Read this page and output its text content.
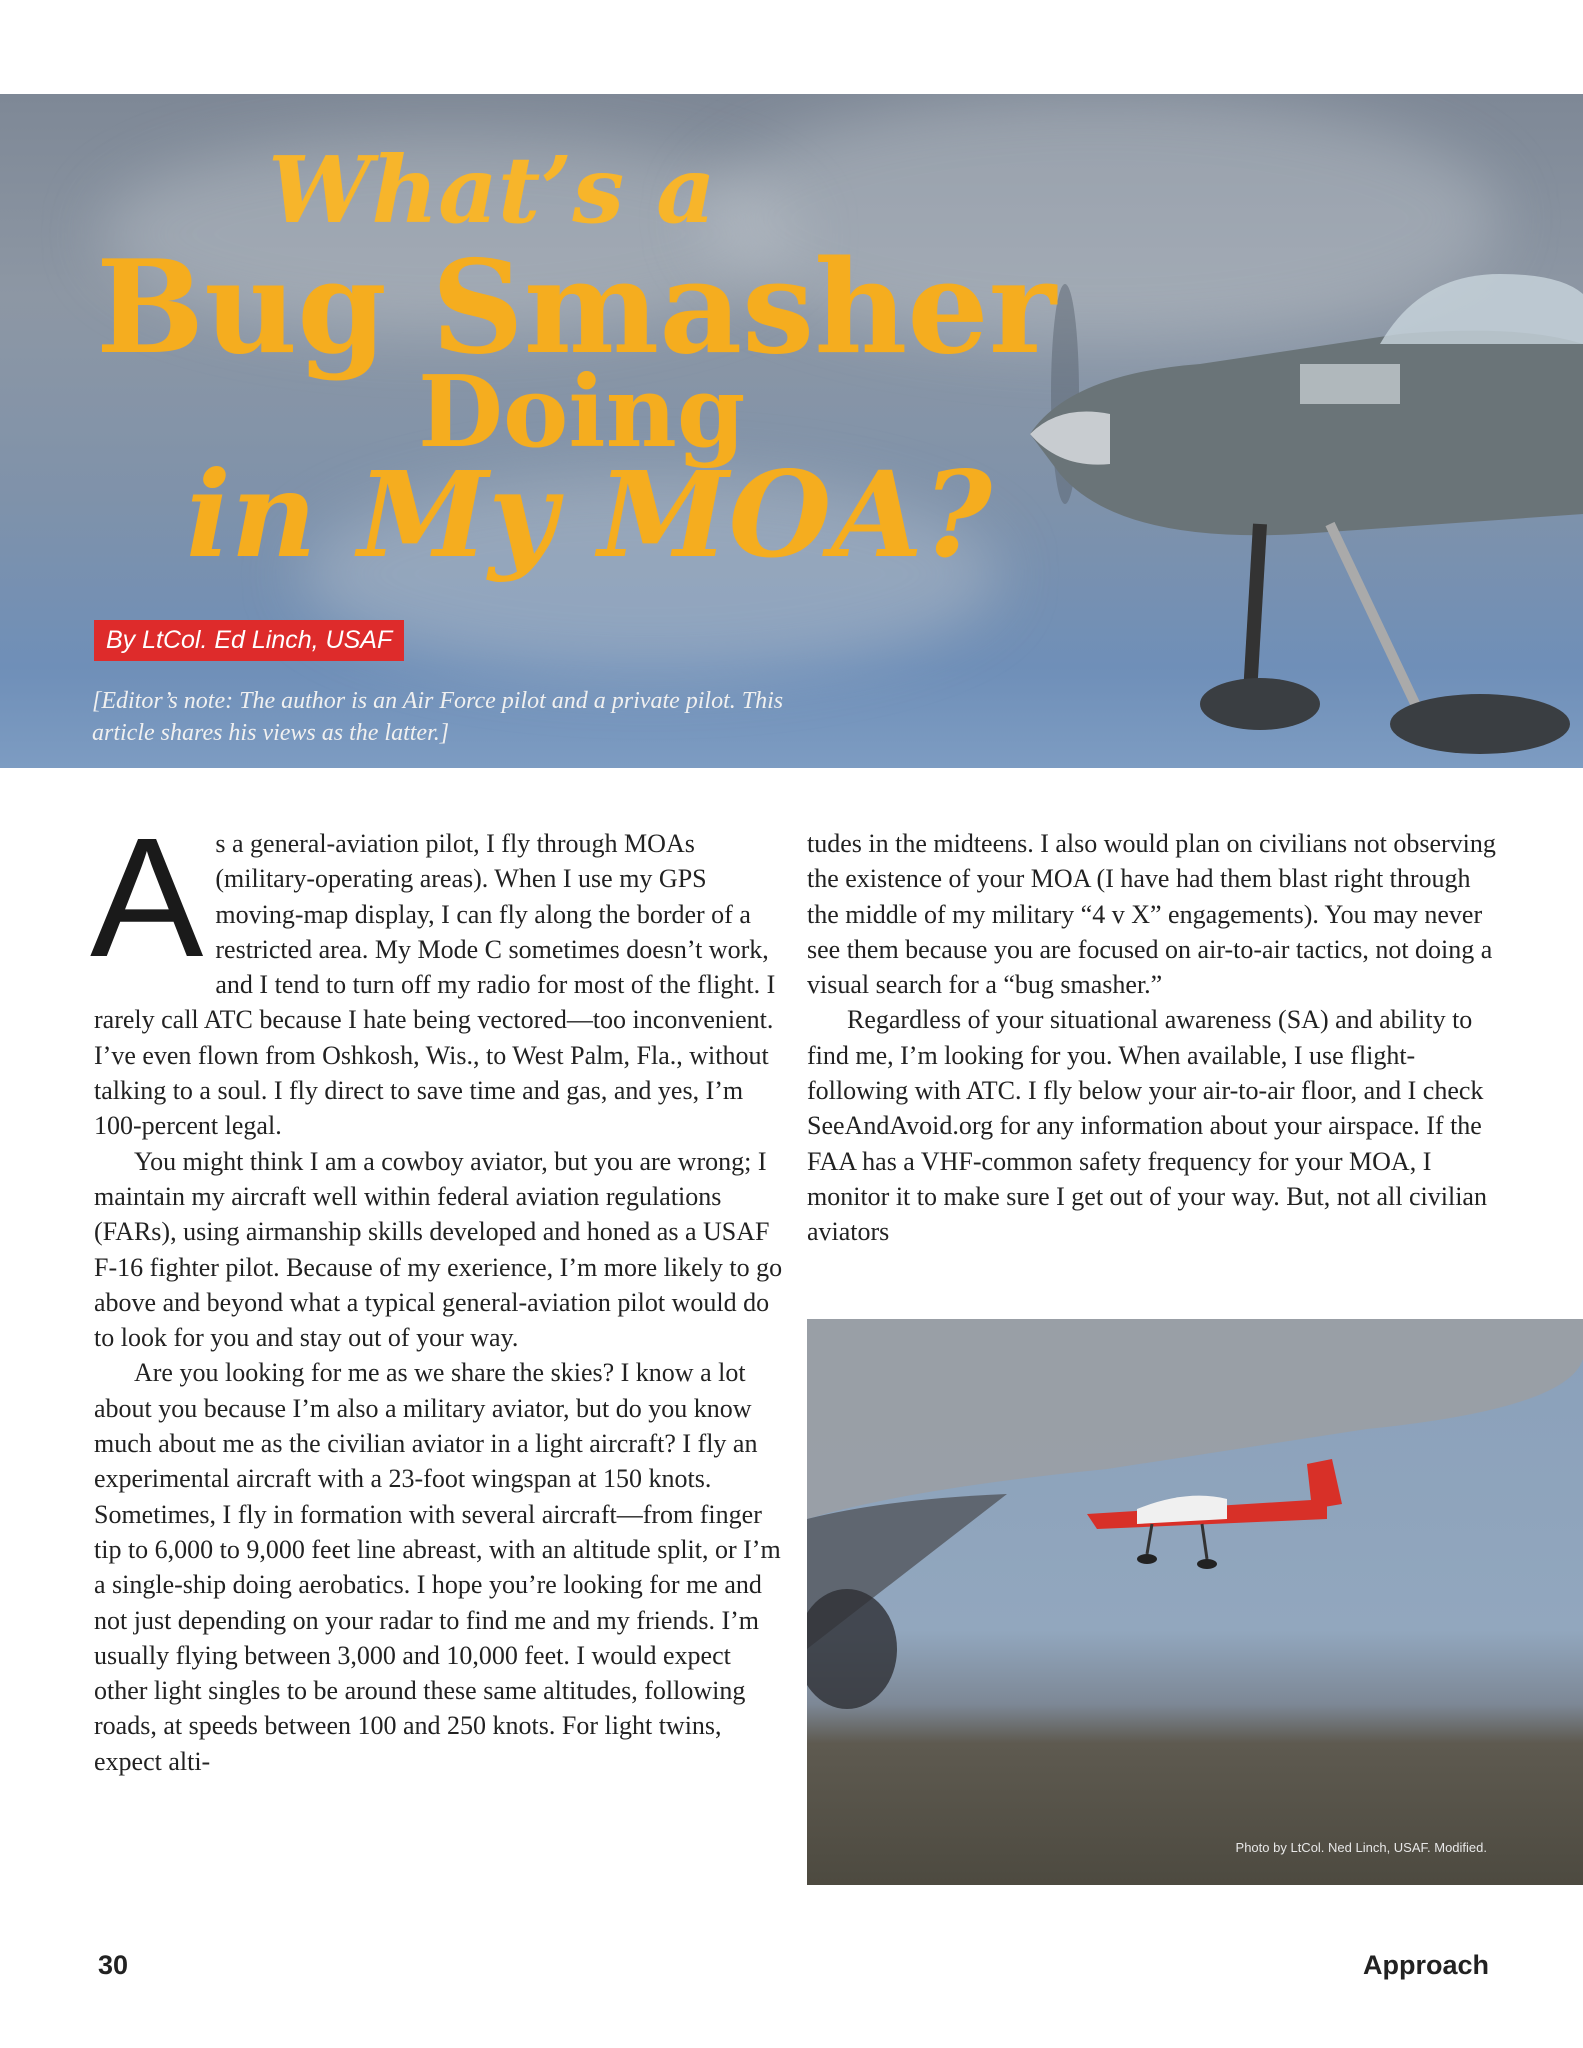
What’s a
Bug Smasher
Doing
in My MOA?
By LtCol. Ed Linch, USAF
[Editor’s note: The author is an Air Force pilot and a private pilot. This article shares his views as the latter.]
A s a general-aviation pilot, I fly through MOAs (military-operating areas). When I use my GPS moving-map display, I can fly along the border of a restricted area. My Mode C sometimes doesn’t work, and I tend to turn off my radio for most of the flight. I rarely call ATC because I hate being vectored—too inconvenient. I’ve even flown from Oshkosh, Wis., to West Palm, Fla., without talking to a soul. I fly direct to save time and gas, and yes, I’m 100-percent legal.

You might think I am a cowboy aviator, but you are wrong; I maintain my aircraft well within federal aviation regulations (FARs), using airmanship skills developed and honed as a USAF F-16 fighter pilot. Because of my exerience, I’m more likely to go above and beyond what a typical general-aviation pilot would do to look for you and stay out of your way.

Are you looking for me as we share the skies? I know a lot about you because I’m also a military aviator, but do you know much about me as the civilian aviator in a light aircraft? I fly an experimental aircraft with a 23-foot wingspan at 150 knots. Sometimes, I fly in formation with several aircraft—from finger tip to 6,000 to 9,000 feet line abreast, with an altitude split, or I’m a single-ship doing aerobatics. I hope you’re looking for me and not just depending on your radar to find me and my friends. I’m usually flying between 3,000 and 10,000 feet. I would expect other light singles to be around these same altitudes, following roads, at speeds between 100 and 250 knots. For light twins, expect alti-

tudes in the midteens. I also would plan on civilians not observing the existence of your MOA (I have had them blast right through the middle of my military “4 v X” engagements). You may never see them because you are focused on air-to-air tactics, not doing a visual search for a “bug smasher.”

Regardless of your situational awareness (SA) and ability to find me, I’m looking for you. When available, I use flight-following with ATC. I fly below your air-to-air floor, and I check SeeAndAvoid.org for any information about your airspace. If the FAA has a VHF-common safety frequency for your MOA, I monitor it to make sure I get out of your way. But, not all civilian aviators

Photo by LtCol. Ned Linch, USAF. Modified.
30	Approach
